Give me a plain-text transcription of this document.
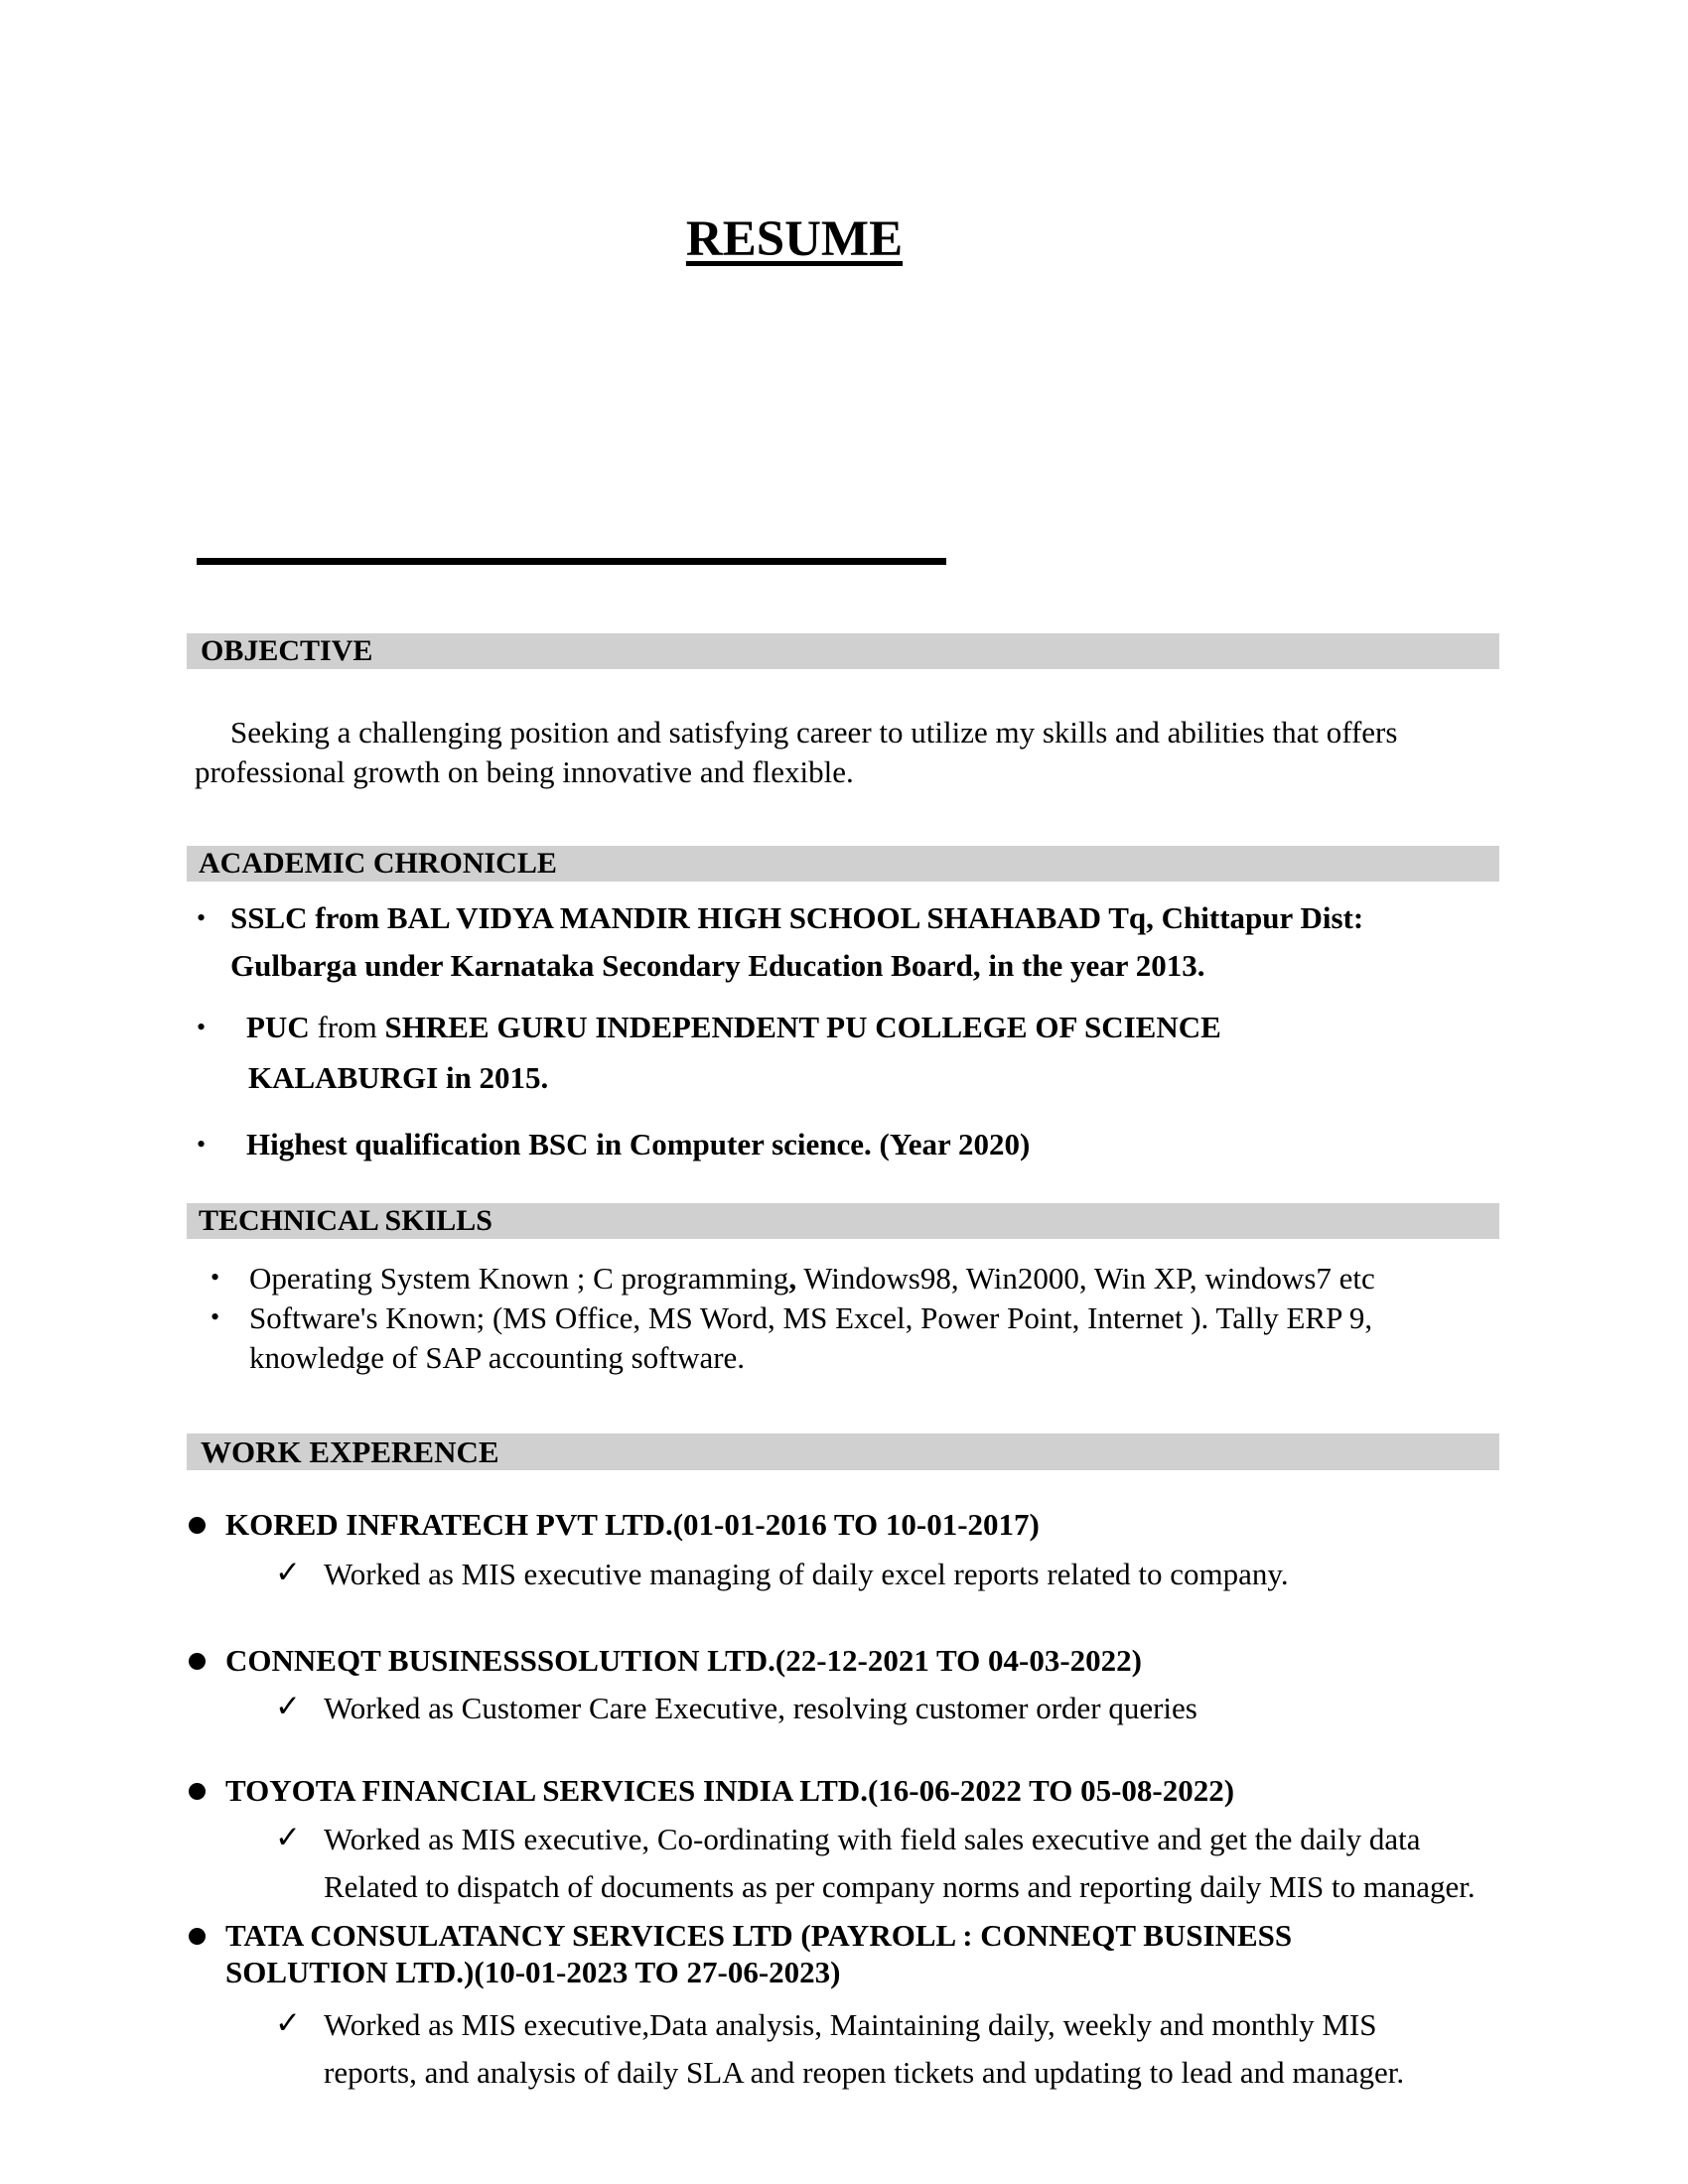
RESUME
OBJECTIVE
Seeking a challenging position and satisfying career to utilize my skills and abilities that offers
professional growth on being innovative and flexible.
ACADEMIC CHRONICLE
• SSLC from BAL VIDYA MANDIR HIGH SCHOOL SHAHABAD Tq, Chittapur Dist:
Gulbarga under Karnataka Secondary Education Board, in the year 2013.
• PUC from SHREE GURU INDEPENDENT PU COLLEGE OF SCIENCE
KALABURGI in 2015.
• Highest qualification BSC in Computer science. (Year 2020)
TECHNICAL SKILLS
• Operating System Known ; C programming, Windows98, Win2000, Win XP, windows7 etc
• Software's Known; (MS Office, MS Word, MS Excel, Power Point, Internet ). Tally ERP 9,
knowledge of SAP accounting software.
WORK EXPERENCE
KORED INFRATECH PVT LTD.(01-01-2016 TO 10-01-2017)
✓ Worked as MIS executive managing of daily excel reports related to company.
CONNEQT BUSINESSSOLUTION LTD.(22-12-2021 TO 04-03-2022)
✓ Worked as Customer Care Executive, resolving customer order queries
TOYOTA FINANCIAL SERVICES INDIA LTD.(16-06-2022 TO 05-08-2022)
✓ Worked as MIS executive, Co-ordinating with field sales executive and get the daily data
Related to dispatch of documents as per company norms and reporting daily MIS to manager.
TATA CONSULATANCY SERVICES LTD (PAYROLL : CONNEQT BUSINESS
SOLUTION LTD.)(10-01-2023 TO 27-06-2023)
✓ Worked as MIS executive,Data analysis, Maintaining daily, weekly and monthly MIS
reports, and analysis of daily SLA and reopen tickets and updating to lead and manager.
